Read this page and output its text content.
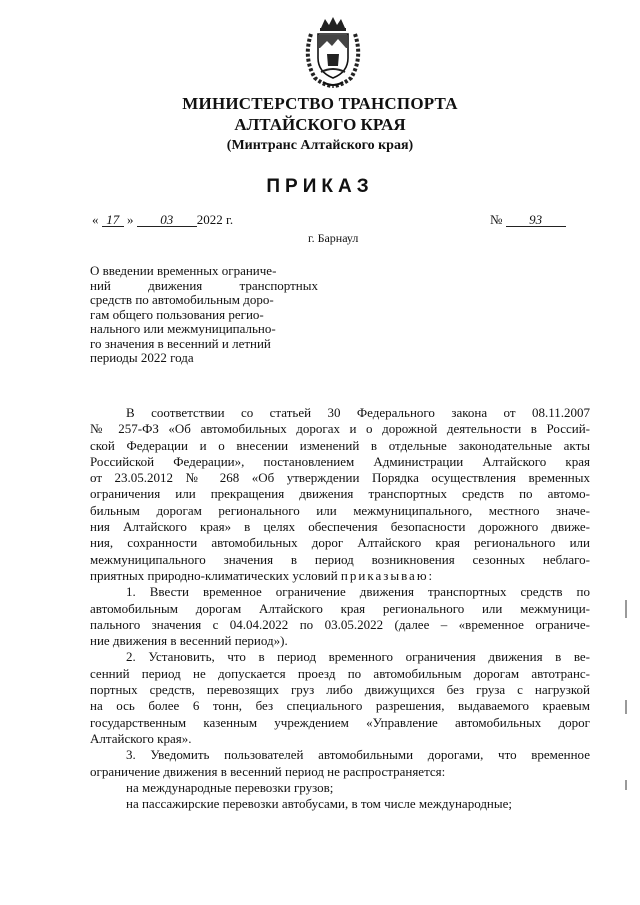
МИНИСТЕРСТВО ТРАНСПОРТА
АЛТАЙСКОГО КРАЯ
(Минтранс Алтайского края)
ПРИКАЗ
« 17 » 03 2022 г.	№ 93
г. Барнаул
О введении временных ограниче-
ний движения транспортных
средств по автомобильным доро-
гам общего пользования регио-
нального или межмуниципально-
го значения в весенний и летний
периоды 2022 года

В соответствии со статьей 30 Федерального закона от 08.11.2007
№ 257-ФЗ «Об автомобильных дорогах и о дорожной деятельности в Россий-
ской Федерации и о внесении изменений в отдельные законодательные акты
Российской Федерации», постановлением Администрации Алтайского края
от 23.05.2012 № 268 «Об утверждении Порядка осуществления временных
ограничения или прекращения движения транспортных средств по автомо-
бильным дорогам регионального или межмуниципального, местного значе-
ния Алтайского края» в целях обеспечения безопасности дорожного движе-
ния, сохранности автомобильных дорог Алтайского края регионального или
межмуниципального значения в период возникновения сезонных неблаго-
приятных природно-климатических условий приказываю:

1. Ввести временное ограничение движения транспортных средств по
автомобильным дорогам Алтайского края регионального или межмуници-
пального значения с 04.04.2022 по 03.05.2022 (далее – «временное ограниче-
ние движения в весенний период»).

2. Установить, что в период временного ограничения движения в ве-
сенний период не допускается проезд по автомобильным дорогам автотранс-
портных средств, перевозящих груз либо движущихся без груза с нагрузкой
на ось более 6 тонн, без специального разрешения, выдаваемого краевым
государственным казенным учреждением «Управление автомобильных дорог
Алтайского края».

3. Уведомить пользователей автомобильными дорогами, что временное
ограничение движения в весенний период не распространяется:

на международные перевозки грузов;

на пассажирские перевозки автобусами, в том числе международные;
